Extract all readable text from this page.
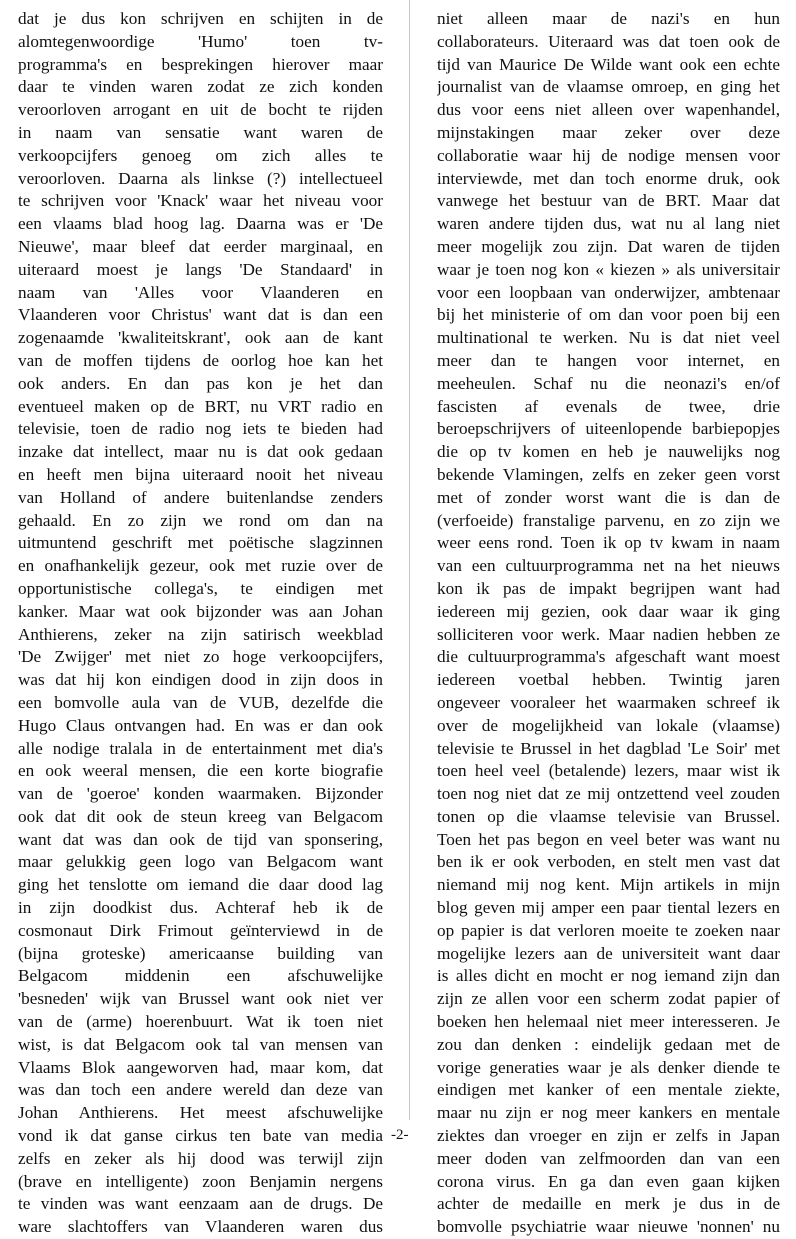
dat je dus kon schrijven en schijten in de
alomtegenwoordige 'Humo' toen tv-
programma's en besprekingen hierover maar
daar te vinden waren zodat ze zich konden
veroorloven arrogant en uit de bocht te rijden
in naam van sensatie want waren de
verkoopcijfers genoeg om zich alles te
veroorloven. Daarna als linkse (?) intellectueel
te schrijven voor 'Knack' waar het niveau voor
een vlaams blad hoog lag. Daarna was er 'De
Nieuwe', maar bleef dat eerder marginaal, en
uiteraard moest je langs 'De Standaard' in
naam van 'Alles voor Vlaanderen en
Vlaanderen voor Christus' want dat is dan een
zogenaamde 'kwaliteitskrant', ook aan de kant
van de moffen tijdens de oorlog hoe kan het
ook anders. En dan pas kon je het dan
eventueel maken op de BRT, nu VRT radio en
televisie, toen de radio nog iets te bieden had
inzake dat intellect, maar nu is dat ook gedaan
en heeft men bijna uiteraard nooit het niveau
van Holland of andere buitenlandse zenders
gehaald. En zo zijn we rond om dan na
uitmuntend geschrift met poëtische slagzinnen
en onafhankelijk gezeur, ook met ruzie over de
opportunistische collega's, te eindigen met
kanker. Maar wat ook bijzonder was aan Johan
Anthierens, zeker na zijn satirisch weekblad
'De Zwijger' met niet zo hoge verkoopcijfers,
was dat hij kon eindigen dood in zijn doos in
een bomvolle aula van de VUB, dezelfde die
Hugo Claus ontvangen had. En was er dan ook
alle nodige tralala in de entertainment met dia's
en ook weeral mensen, die een korte biografie
van de 'goeroe' konden waarmaken. Bijzonder
ook dat dit ook de steun kreeg van Belgacom
want dat was dan ook de tijd van sponsering,
maar gelukkig geen logo van Belgacom want
ging het tenslotte om iemand die daar dood lag
in zijn doodkist dus. Achteraf heb ik de
cosmonaut Dirk Frimout geïnterviewd in de
(bijna groteske) americaanse building van
Belgacom middenin een afschuwelijke
'besneden' wijk van Brussel want ook niet ver
van de (arme) hoerenbuurt. Wat ik toen niet
wist, is dat Belgacom ook tal van mensen van
Vlaams Blok aangeworven had, maar kom, dat
was dan toch een andere wereld dan deze van
Johan Anthierens. Het meest afschuwelijke
vond ik dat ganse cirkus ten bate van media
zelfs en zeker als hij dood was terwijl zijn
(brave en intelligente) zoon Benjamin nergens
te vinden was want eenzaam aan de drugs. De
ware slachtoffers van Vlaanderen waren dus
niet alleen maar de nazi's en hun
collaborateurs. Uiteraard was dat toen ook de
tijd van Maurice De Wilde want ook een echte
journalist van de vlaamse omroep, en ging het
dus voor eens niet alleen over wapenhandel,
mijnstakingen maar zeker over deze
collaboratie waar hij de nodige mensen voor
interviewde, met dan toch enorme druk, ook
vanwege het bestuur van de BRT. Maar dat
waren andere tijden dus, wat nu al lang niet
meer mogelijk zou zijn. Dat waren de tijden
waar je toen nog kon « kiezen » als universitair
voor een loopbaan van onderwijzer, ambtenaar
bij het ministerie of om dan voor poen bij een
multinational te werken. Nu is dat niet veel
meer dan te hangen voor internet, en
meeheulen. Schaf nu die neonazi's en/of
fascisten af evenals de twee, drie
beroepschrijvers of uiteenlopende barbiepopjes
die op tv komen en heb je nauwelijks nog
bekende Vlamingen, zelfs en zeker geen vorst
met of zonder worst want die is dan de
(verfoeide) franstalige parvenu, en zo zijn we
weer eens rond. Toen ik op tv kwam in naam
van een cultuurprogramma net na het nieuws
kon ik pas de impakt begrijpen want had
iedereen mij gezien, ook daar waar ik ging
solliciteren voor werk. Maar nadien hebben ze
die cultuurprogramma's afgeschaft want moest
iedereen voetbal hebben. Twintig jaren
ongeveer vooraleer het waarmaken schreef ik
over de mogelijkheid van lokale (vlaamse)
televisie te Brussel in het dagblad 'Le Soir' met
toen heel veel (betalende) lezers, maar wist ik
toen nog niet dat ze mij ontzettend veel zouden
tonen op die vlaamse televisie van Brussel.
Toen het pas begon en veel beter was want nu
ben ik er ook verboden, en stelt men vast dat
niemand mij nog kent. Mijn artikels in mijn
blog geven mij amper een paar tiental lezers en
op papier is dat verloren moeite te zoeken naar
mogelijke lezers aan de universiteit want daar
is alles dicht en mocht er nog iemand zijn dan
zijn ze allen voor een scherm zodat papier of
boeken hen helemaal niet meer interesseren. Je
zou dan denken : eindelijk gedaan met de
vorige generaties waar je als denker diende te
eindigen met kanker of een mentale ziekte,
maar nu zijn er nog meer kankers en mentale
ziektes dan vroeger en zijn er zelfs in Japan
meer doden van zelfmoorden dan van een
corona virus. En ga dan even gaan kijken
achter de medaille en merk je dus in de
bomvolle psychiatrie waar nieuwe 'nonnen' nu
-2-
